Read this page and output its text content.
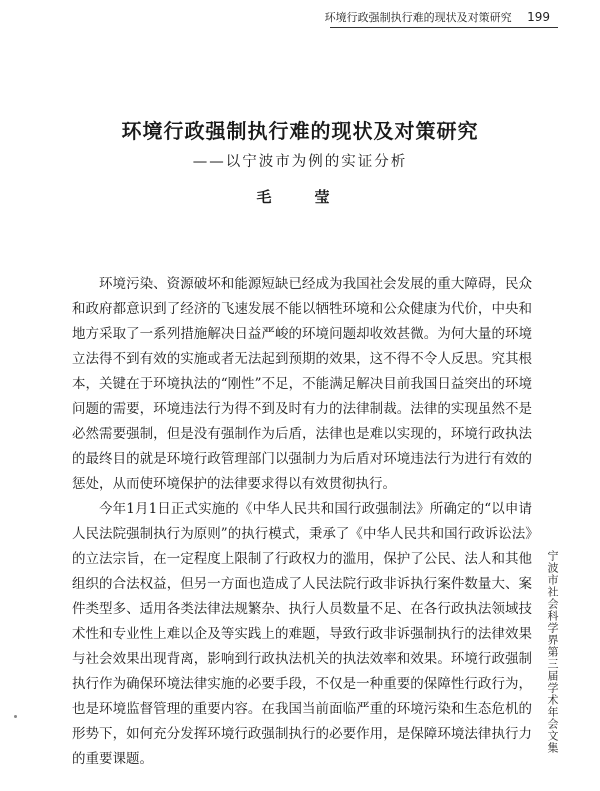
环境行政强制执行难的现状及对策研究 199
环境行政强制执行难的现状及对策研究
——以宁波市为例的实证分析
毛　莹

环境污染、资源破坏和能源短缺已经成为我国社会发展的重大障碍，民众和政府都意识到了经济的飞速发展不能以牺牲环境和公众健康为代价，中央和地方采取了一系列措施解决日益严峻的环境问题却收效甚微。为何大量的环境立法得不到有效的实施或者无法起到预期的效果，这不得不令人反思。究其根本，关键在于环境执法的“刚性”不足，不能满足解决目前我国日益突出的环境问题的需要，环境违法行为得不到及时有力的法律制裁。法律的实现虽然不是必然需要强制，但是没有强制作为后盾，法律也是难以实现的，环境行政执法的最终目的就是环境行政管理部门以强制力为后盾对环境违法行为进行有效的惩处，从而使环境保护的法律要求得以有效贯彻执行。

今年1月1日正式实施的《中华人民共和国行政强制法》所确定的“以申请人民法院强制执行为原则”的执行模式，秉承了《中华人民共和国行政诉讼法》的立法宗旨，在一定程度上限制了行政权力的滥用，保护了公民、法人和其他组织的合法权益，但另一方面也造成了人民法院行政非诉执行案件数量大、案件类型多、适用各类法律法规繁杂、执行人员数量不足、在各行政执法领域技术性和专业性上难以企及等实践上的难题，导致行政非诉强制执行的法律效果与社会效果出现背离，影响到行政执法机关的执法效率和效果。环境行政强制执行作为确保环境法律实施的必要手段，不仅是一种重要的保障性行政行为，也是环境监督管理的重要内容。在我国当前面临严重的环境污染和生态危机的形势下，如何充分发挥环境行政强制执行的必要作用，是保障环境法律执行力的重要课题。

宁波市社会科学界第三届学术年会文集
